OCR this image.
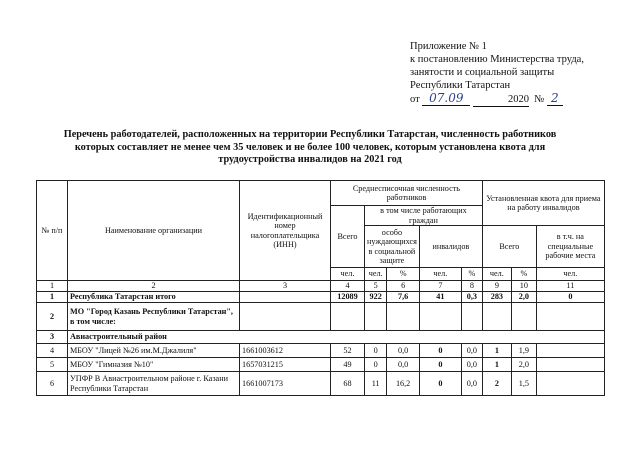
Приложение № 1
к постановлению Министерства труда,
занятости и социальной защиты
Республики Татарстан
от 07.09	2020 № 2
Перечень работодателей, расположенных на территории Республики Татарстан, численность работников
которых составляет не менее чем 35 человек и не более 100 человек, которым установлена квота для
трудоустройства инвалидов на 2021 год
№ п/п	Наименование организации	Идентификационный номер налогоплательщика (ИНН)	Среднесписочная численность работников					Установленная квота для приема на работу инвалидов		
			Всего	в том числе работающих граждан						
				особо нуждающихся в социальной защите		инвалидов		Всего		в т.ч. на специальные рабочие места
			чел.	чел.	%	чел.	%	чел.	%	чел.
1	2	3	4	5	6	7	8	9	10	11
1	Республика Татарстан итого		12089	922	7,6	41	0,3	283	2,0	0
2	МО "Город Казань Республики Татарстан", в том числе:									
3	Авиастроительный район									
4	МБОУ "Лицей №26 им.М.Джалиля"	1661003612	52	0	0,0	0	0,0	1	1,9	
5	МБОУ "Гимназия №10"	1657031215	49	0	0,0	0	0,0	1	2,0	
6	УПФР В Авиастроительном районе г. Казани Республики Татарстан	1661007173	68	11	16,2	0	0,0	2	1,5	
